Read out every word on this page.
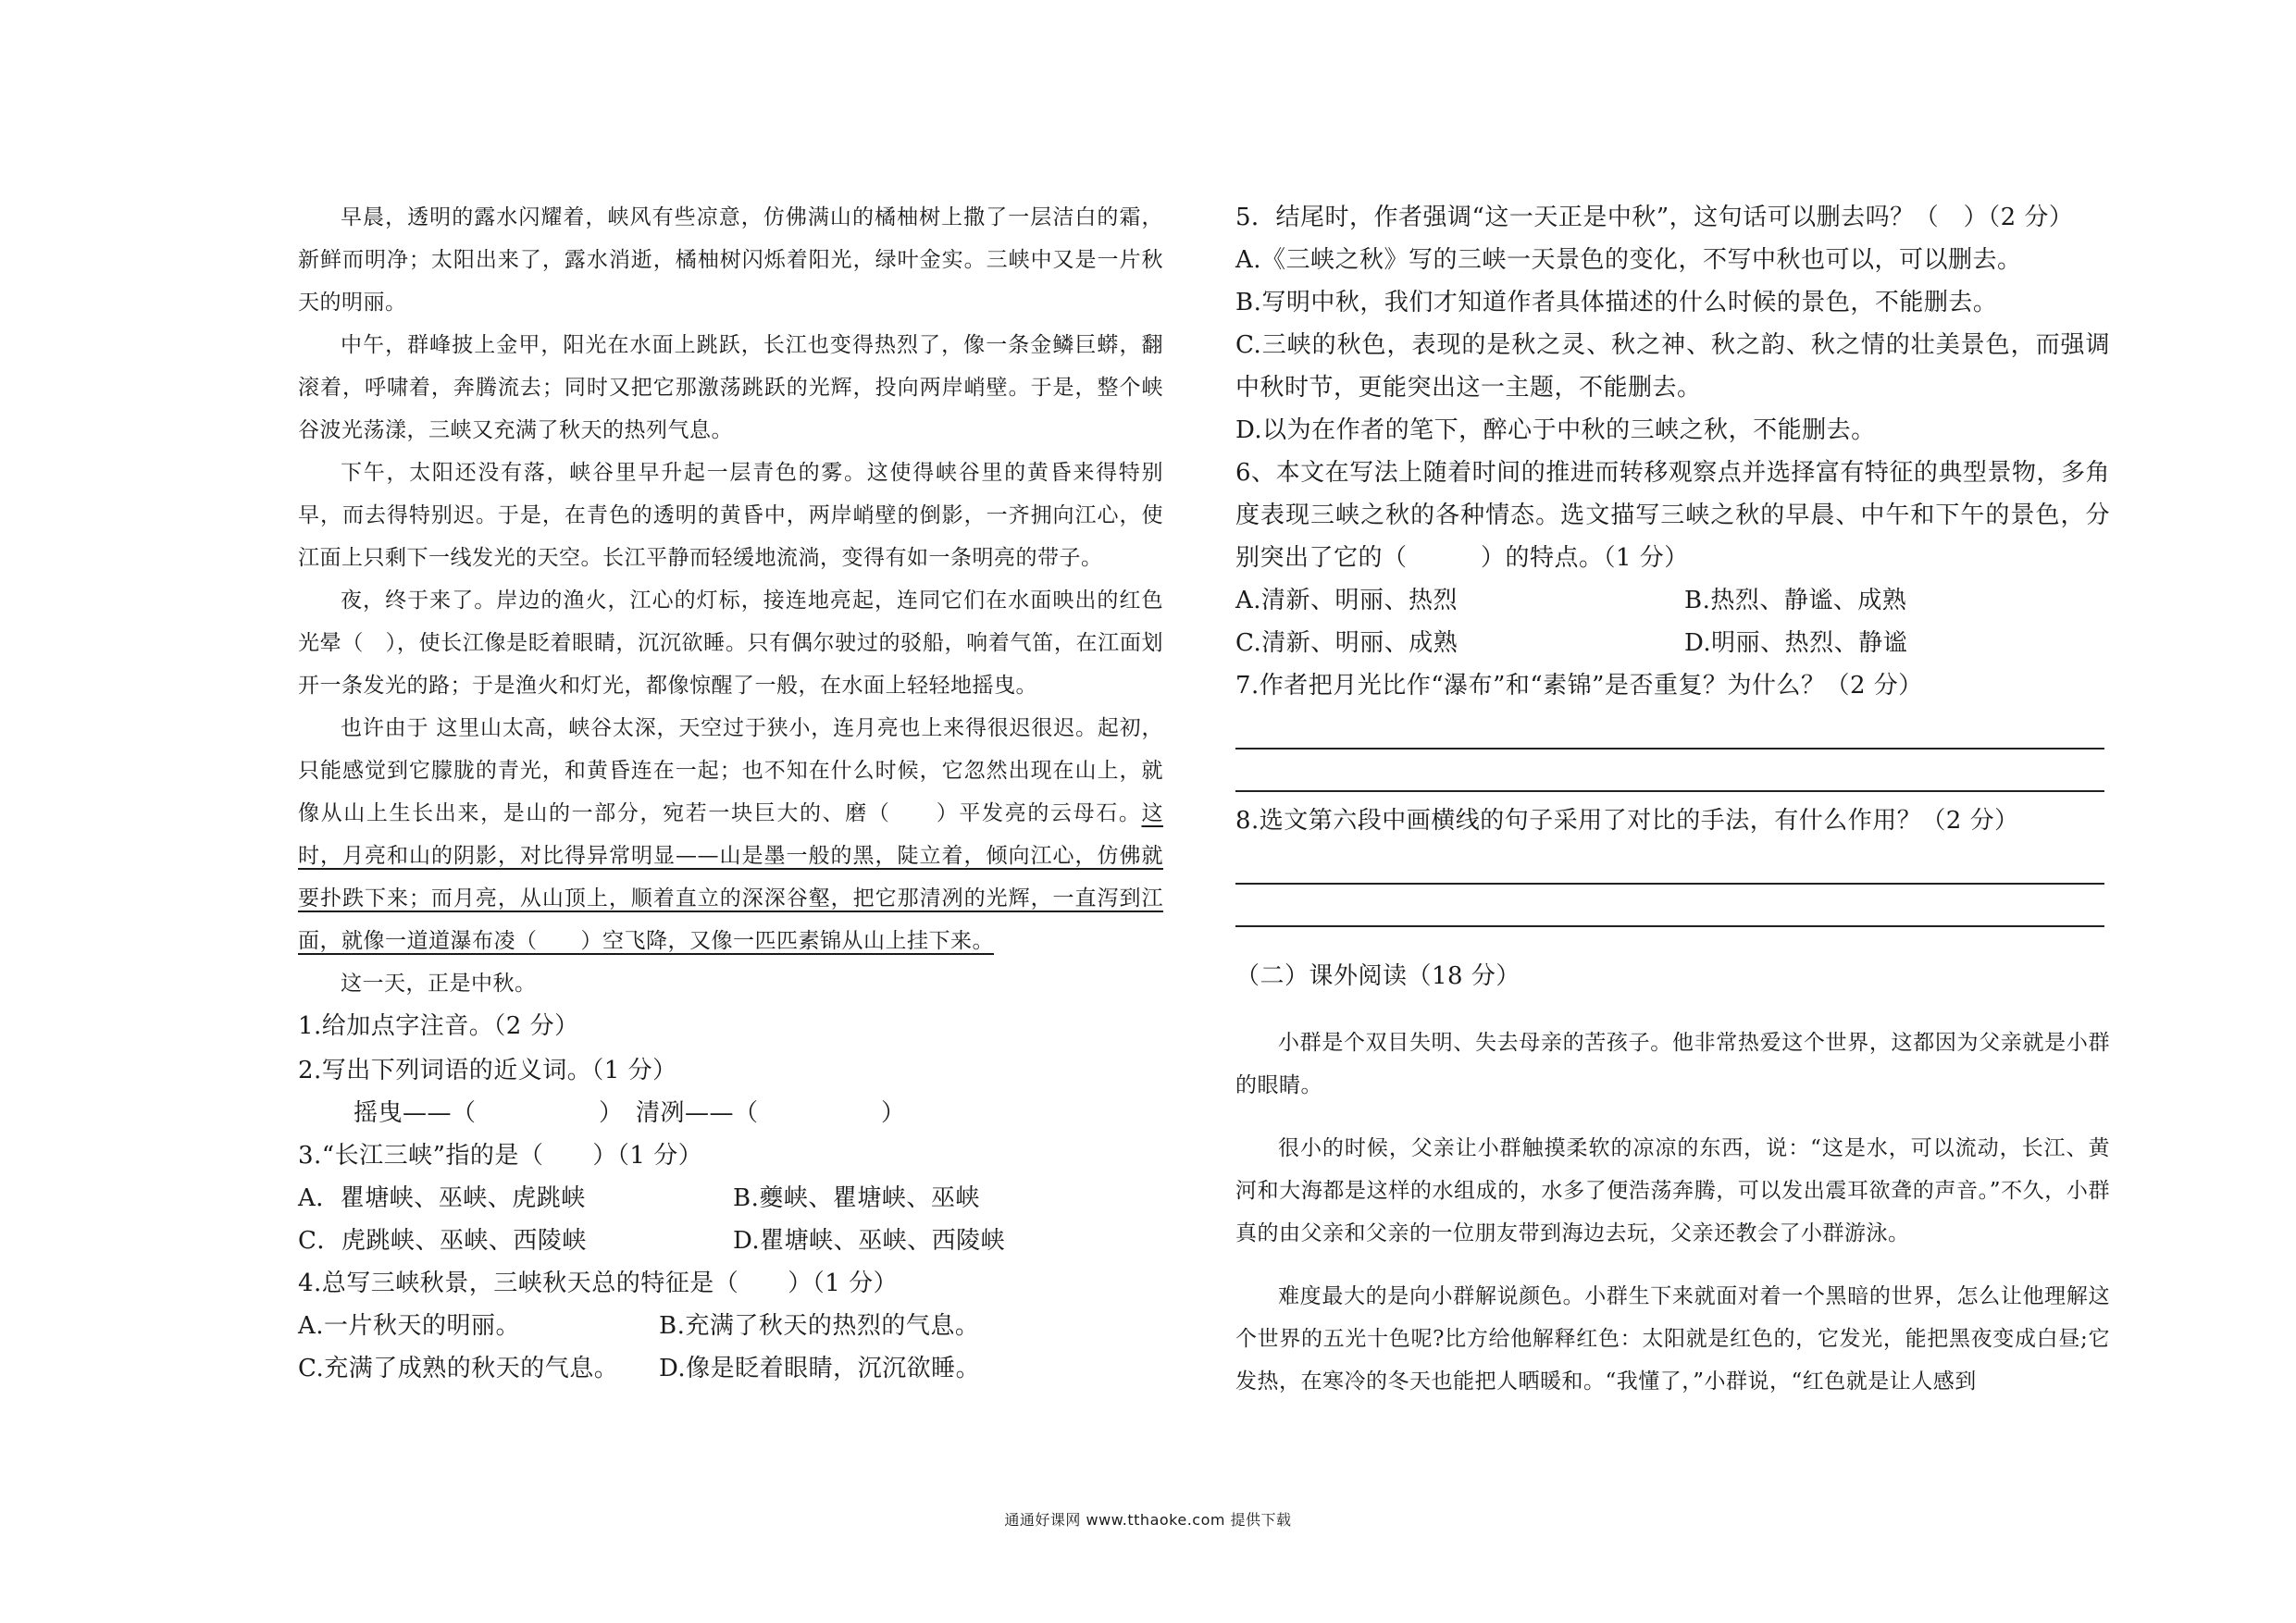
早晨，透明的露水闪耀着，峡风有些凉意，仿佛满山的橘柚树上撒了一层洁白的霜，新鲜而明净；太阳出来了，露水消逝，橘柚树闪烁着阳光，绿叶金实。三峡中又是一片秋天的明丽。

中午，群峰披上金甲，阳光在水面上跳跃，长江也变得热烈了，像一条金鳞巨蟒，翻滚着，呼啸着，奔腾流去；同时又把它那激荡跳跃的光辉，投向两岸峭壁。于是，整个峡谷波光荡漾，三峡又充满了秋天的热列气息。

下午，太阳还没有落，峡谷里早升起一层青色的雾。这使得峡谷里的黄昏来得特别早，而去得特别迟。于是，在青色的透明的黄昏中，两岸峭壁的倒影，一齐拥向江心，使江面上只剩下一线发光的天空。长江平静而轻缓地流淌，变得有如一条明亮的带子。

夜，终于来了。岸边的渔火，江心的灯标，接连地亮起，连同它们在水面映出的红色光晕（　），使长江像是眨着眼睛，沉沉欲睡。只有偶尔驶过的驳船，响着气笛，在江面划开一条发光的路；于是渔火和灯光，都像惊醒了一般，在水面上轻轻地摇曳。

也许由于 这里山太高，峡谷太深，天空过于狭小，连月亮也上来得很迟很迟。起初，只能感觉到它朦胧的青光，和黄昏连在一起；也不知在什么时候，它忽然出现在山上，就像从山上生长出来，是山的一部分，宛若一块巨大的、磨（　　）平发亮的云母石。这时，月亮和山的阴影，对比得异常明显——山是墨一般的黑，陡立着，倾向江心，仿佛就要扑跌下来；而月亮，从山顶上，顺着直立的深深谷壑，把它那清冽的光辉，一直泻到江面，就像一道道瀑布凌（　　）空飞降，又像一匹匹素锦从山上挂下来。

这一天，正是中秋。

1.给加点字注音。（2 分）

2.写出下列词语的近义词。（1 分）

摇曳——（　　　　　）　清冽——（　　　　　）

3.“长江三峡”指的是（　　）（1 分）

A．瞿塘峡、巫峡、虎跳峡	B.夔峡、瞿塘峡、巫峡
C．虎跳峡、巫峡、西陵峡	D.瞿塘峡、巫峡、西陵峡

4.总写三峡秋景，三峡秋天总的特征是（　　）（1 分）

A.一片秋天的明丽。	B.充满了秋天的热烈的气息。
C.充满了成熟的秋天的气息。	D.像是眨着眼睛，沉沉欲睡。

5．结尾时，作者强调“这一天正是中秋”，这句话可以删去吗？（　）（2 分）

A.《三峡之秋》写的三峡一天景色的变化，不写中秋也可以，可以删去。

B.写明中秋，我们才知道作者具体描述的什么时候的景色，不能删去。

C.三峡的秋色，表现的是秋之灵、秋之神、秋之韵、秋之情的壮美景色，而强调中秋时节，更能突出这一主题，不能删去。

D.以为在作者的笔下，醉心于中秋的三峡之秋，不能删去。

6、本文在写法上随着时间的推进而转移观察点并选择富有特征的典型景物，多角度表现三峡之秋的各种情态。选文描写三峡之秋的早晨、中午和下午的景色，分别突出了它的（　　　）的特点。（1 分）

A.清新、明丽、热烈	B.热烈、静谧、成熟
C.清新、明丽、成熟	D.明丽、热烈、静谧

7.作者把月光比作“瀑布”和“素锦”是否重复？为什么？（2 分）

8.选文第六段中画横线的句子采用了对比的手法，有什么作用？（2 分）

（二）课外阅读（18 分）

小群是个双目失明、失去母亲的苦孩子。他非常热爱这个世界，这都因为父亲就是小群的眼睛。

很小的时候，父亲让小群触摸柔软的凉凉的东西，说：“这是水，可以流动，长江、黄河和大海都是这样的水组成的，水多了便浩荡奔腾，可以发出震耳欲聋的声音。”不久，小群真的由父亲和父亲的一位朋友带到海边去玩，父亲还教会了小群游泳。

难度最大的是向小群解说颜色。小群生下来就面对着一个黑暗的世界，怎么让他理解这个世界的五光十色呢?比方给他解释红色：太阳就是红色的，它发光，能把黑夜变成白昼;它发热，在寒冷的冬天也能把人晒暖和。“我懂了，”小群说，“红色就是让人感到

通通好课网 www.tthaoke.com 提供下载
